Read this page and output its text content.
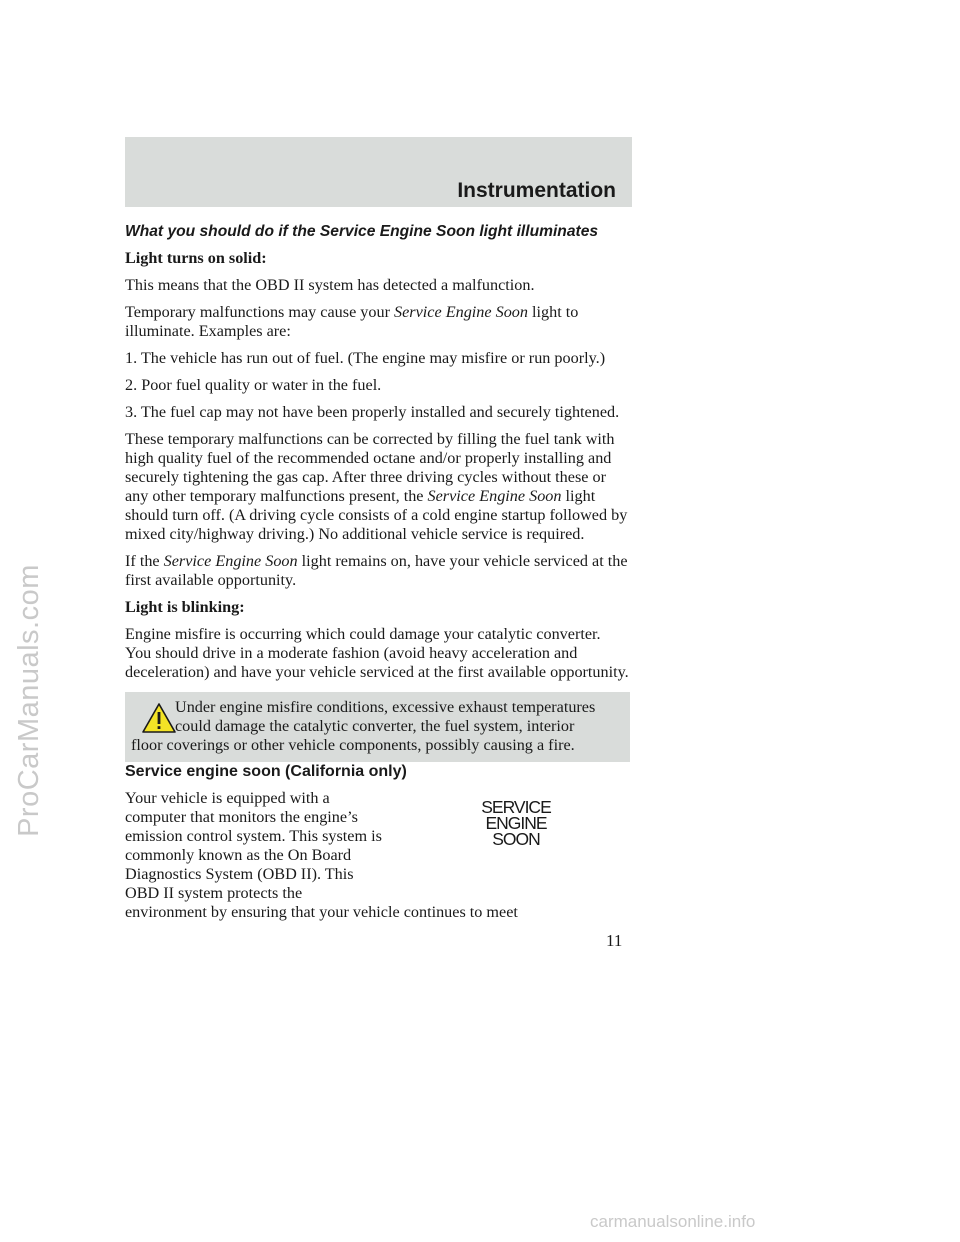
ProCarManuals.com
Instrumentation

What you should do if the Service Engine Soon light illuminates

Light turns on solid:

This means that the OBD II system has detected a malfunction.

Temporary malfunctions may cause your Service Engine Soon light to illuminate. Examples are:

1. The vehicle has run out of fuel. (The engine may misfire or run poorly.)

2. Poor fuel quality or water in the fuel.

3. The fuel cap may not have been properly installed and securely tightened.

These temporary malfunctions can be corrected by filling the fuel tank with high quality fuel of the recommended octane and/or properly installing and securely tightening the gas cap. After three driving cycles without these or any other temporary malfunctions present, the Service Engine Soon light should turn off. (A driving cycle consists of a cold engine startup followed by mixed city/highway driving.) No additional vehicle service is required.

If the Service Engine Soon light remains on, have your vehicle serviced at the first available opportunity.

Light is blinking:

Engine misfire is occurring which could damage your catalytic converter. You should drive in a moderate fashion (avoid heavy acceleration and deceleration) and have your vehicle serviced at the first available opportunity.

Under engine misfire conditions, excessive exhaust temperatures

could damage the catalytic converter, the fuel system, interior

floor coverings or other vehicle components, possibly causing a fire.

Service engine soon (California only)

Your vehicle is equipped with a computer that monitors the engine’s emission control system. This system is commonly known as the On Board Diagnostics System (OBD II). This OBD II system protects the

environment by ensuring that your vehicle continues to meet

SERVICE
ENGINE
SOON
11
carmanualsonline.info
